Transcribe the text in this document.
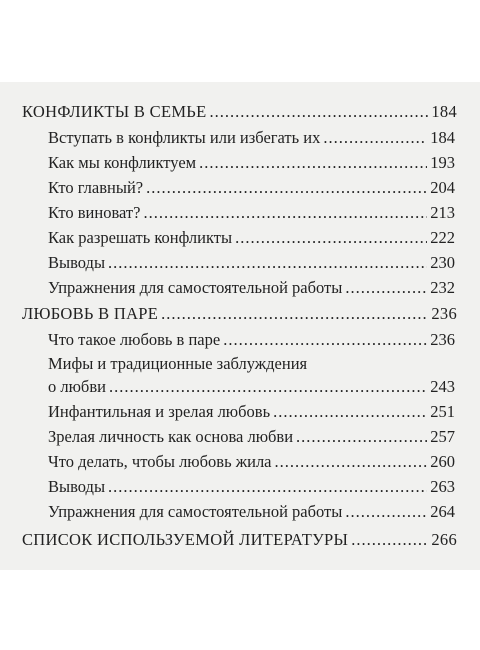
КОНФЛИКТЫ В СЕМЬЕ .....	184
Вступать в конфликты или избегать их .....	184
Как мы конфликтуем .....	193
Кто главный? .....	204
Кто виноват? .....	213
Как разрешать конфликты .....	222
Выводы .....	230
Упражнения для самостоятельной работы .....	232
ЛЮБОВЬ В ПАРЕ .....	236
Что такое любовь в паре .....	236
Мифы и традиционные заблуждения
о любви .....	243
Инфантильная и зрелая любовь .....	251
Зрелая личность как основа любви .....	257
Что делать, чтобы любовь жила .....	260
Выводы .....	263
Упражнения для самостоятельной работы .....	264
СПИСОК ИСПОЛЬЗУЕМОЙ ЛИТЕРАТУРЫ .....	266
